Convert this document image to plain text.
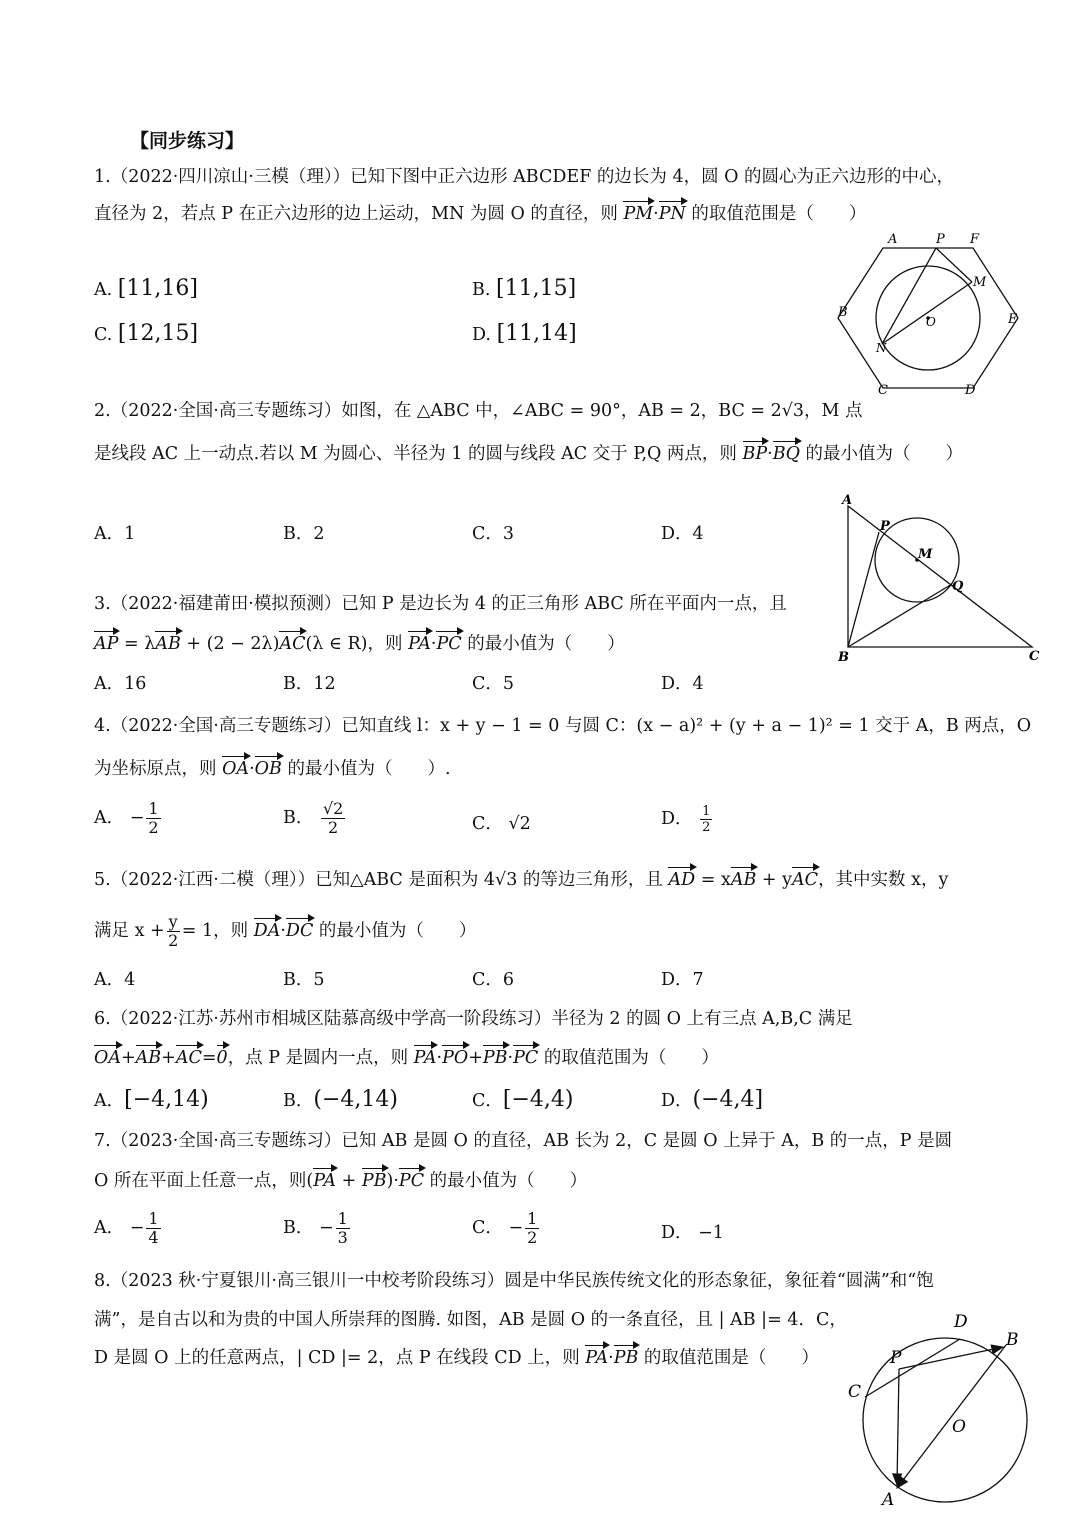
【同步练习】
1.（2022·四川凉山·三模（理））已知下图中正六边形 ABCDEF 的边长为 4，圆 O 的圆心为正六边形的中心，
直径为 2，若点 P 在正六边形的边上运动，MN 为圆 O 的直径，则 PM·PN 的取值范围是（　　）
A. [11,16]	B. [11,15]
C. [12,15]	D. [11,14]
A	P F
M
B
O	E
N
C	D
2.（2022·全国·高三专题练习）如图，在 △ABC 中，∠ABC = 90°，AB = 2，BC = 2√3，M 点
是线段 AC 上一动点.若以 M 为圆心、半径为 1 的圆与线段 AC 交于 P,Q 两点，则 BP·BQ 的最小值为（　　）
A．1	B．2	C．3	D．4
A
P
M
Q
B	C
3.（2022·福建莆田·模拟预测）已知 P 是边长为 4 的正三角形 ABC 所在平面内一点，且
AP = λAB + (2 − 2λ)AC(λ ∈ R)，则 PA·PC 的最小值为（　　）
A．16	B．12	C．5	D．4
4.（2022·全国·高三专题练习）已知直线 l：x + y − 1 = 0 与圆 C：(x − a)² + (y + a − 1)² = 1 交于 A，B 两点，O
为坐标原点，则 OA·OB 的最小值为（　　）.
A． − $\frac{1}{2}$	B． $\frac{√2}{2}$	C． √2	D． $\frac{1}{2}$
5.（2022·江西·二模（理））已知△ABC 是面积为 4√3 的等边三角形，且 AD = xAB + yAC，其中实数 x，y
满足 $x + \frac{y}{2} = 1$，则 DA·DC 的最小值为（　　）
A．4	B．5	C．6	D．7
6.（2022·江苏·苏州市相城区陆慕高级中学高一阶段练习）半径为 2 的圆 O 上有三点 A,B,C 满足
OA+AB+AC=0，点 P 是圆内一点，则 PA·PO+PB·PC 的取值范围为（　　）
A．[−4,14)	B．(−4,14)	C．[−4,4)	D．(−4,4]
7.（2023·全国·高三专题练习）已知 AB 是圆 O 的直径，AB 长为 2，C 是圆 O 上异于 A，B 的一点，P 是圆
O 所在平面上任意一点，则(PA + PB)·PC 的最小值为（　　）
A． − $\frac{1}{4}$	B． − $\frac{1}{3}$	C． − $\frac{1}{2}$	D． −1
8.（2023 秋·宁夏银川·高三银川一中校考阶段练习）圆是中华民族传统文化的形态象征，象征着“圆满”和“饱
满”，是自古以和为贵的中国人所崇拜的图腾. 如图，AB 是圆 O 的一条直径，且 | AB |= 4．C，
D 是圆 O 上的任意两点，| CD |= 2，点 P 在线段 CD 上，则 PA·PB 的取值范围是（　　）
D
B
P
C
O
A
